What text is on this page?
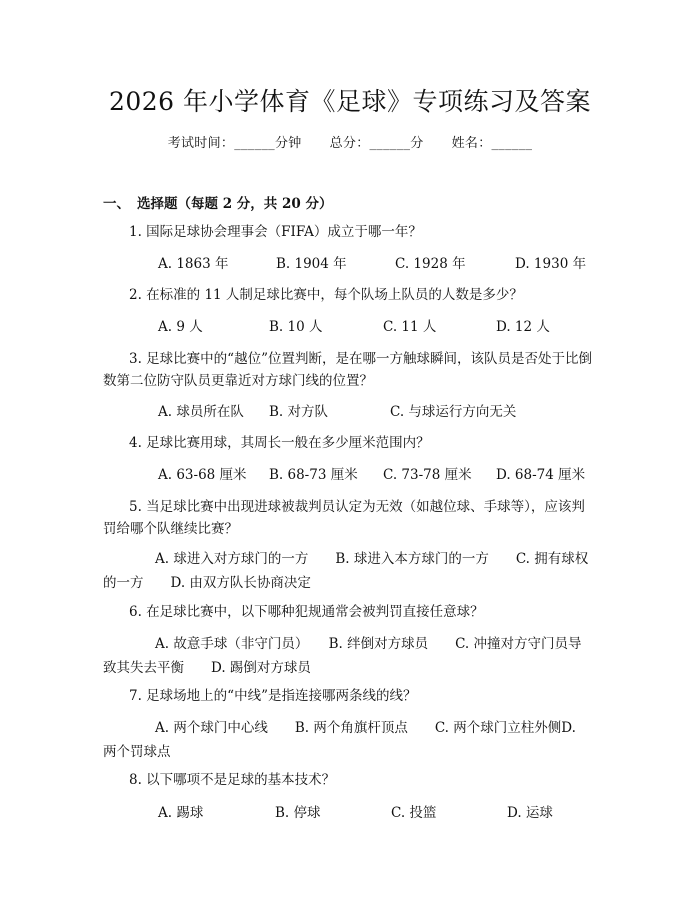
2026 年小学体育《足球》专项练习及答案
考试时间：______分钟 总分：______分 姓名：______
一、 选择题（每题 2 分，共 20 分）
1. 国际足球协会理事会（FIFA）成立于哪一年？
A. 1863 年	B. 1904 年	C. 1928 年	D. 1930 年
2. 在标准的 11 人制足球比赛中，每个队场上队员的人数是多少？
A. 9 人	B. 10 人	C. 11 人	D. 12 人
3. 足球比赛中的“越位”位置判断，是在哪一方触球瞬间，该队员是否处于比倒数第二位防守队员更靠近对方球门线的位置？
A. 球员所在队 B. 对方队	C. 与球运行方向无关
4. 足球比赛用球，其周长一般在多少厘米范围内？
A. 63-68 厘米 B. 68-73 厘米 C. 73-78 厘米 D. 68-74 厘米
5. 当足球比赛中出现进球被裁判员认定为无效（如越位球、手球等），应该判罚给哪个队继续比赛？
A. 球进入对方球门的一方　　B. 球进入本方球门的一方　　C. 拥有球权的一方　　D. 由双方队长协商决定
6. 在足球比赛中，以下哪种犯规通常会被判罚直接任意球？
A. 故意手球（非守门员）　　B. 绊倒对方球员　　C. 冲撞对方守门员导致其失去平衡　　D. 踢倒对方球员
7. 足球场地上的“中线”是指连接哪两条线的线？
A. 两个球门中心线　　B. 两个角旗杆顶点　　C. 两个球门立柱外侧D. 两个罚球点
8. 以下哪项不是足球的基本技术？
A. 踢球	B. 停球	C. 投篮	D. 运球
